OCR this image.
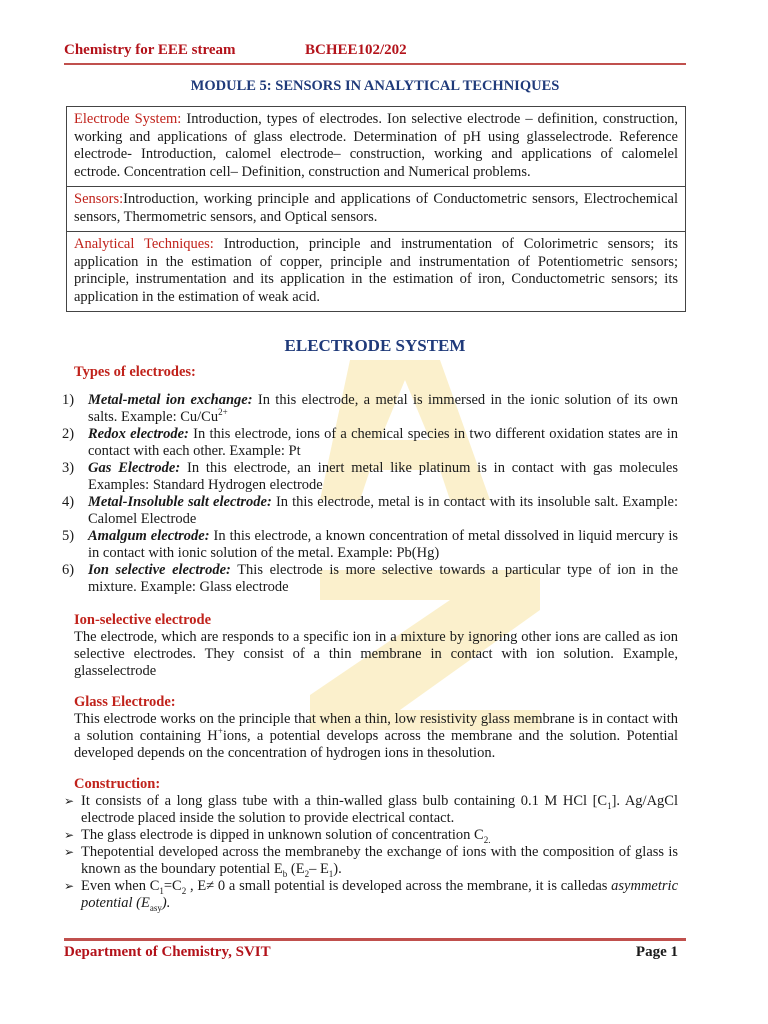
Chemistry for EEE stream	BCHEE102/202
MODULE 5: SENSORS IN ANALYTICAL TECHNIQUES
Electrode System: Introduction, types of electrodes. Ion selective electrode – definition, construction, working and applications of glass electrode. Determination of pH using glasselectrode. Reference electrode- Introduction, calomel electrode– construction, working and applications of calomelel ectrode. Concentration cell– Definition, construction and Numerical problems.
Sensors:Introduction, working principle and applications of Conductometric sensors, Electrochemical sensors, Thermometric sensors, and Optical sensors.
Analytical Techniques: Introduction, principle and instrumentation of Colorimetric sensors; its application in the estimation of copper, principle and instrumentation of Potentiometric sensors; principle, instrumentation and its application in the estimation of iron, Conductometric sensors; its application in the estimation of weak acid.
ELECTRODE SYSTEM

Types of electrodes:

1) Metal-metal ion exchange: In this electrode, a metal is immersed in the ionic solution of its own salts. Example: $Cu/Cu^{2+}$
2) Redox electrode: In this electrode, ions of a chemical species in two different oxidation states are in contact with each other. Example: Pt
3) Gas Electrode: In this electrode, an inert metal like platinum is in contact with gas molecules Examples: Standard Hydrogen electrode
4) Metal-Insoluble salt electrode: In this electrode, metal is in contact with its insoluble salt. Example: Calomel Electrode
5) Amalgum electrode: In this electrode, a known concentration of metal dissolved in liquid mercury is in contact with ionic solution of the metal. Example: Pb(Hg)
6) Ion selective electrode: This electrode is more selective towards a particular type of ion in the mixture. Example: Glass electrode

Ion-selective electrode

The electrode, which are responds to a specific ion in a mixture by ignoring other ions are called as ion selective electrodes. They consist of a thin membrane in contact with ion solution. Example, glasselectrode

Glass Electrode:

This electrode works on the principle that when a thin, low resistivity glass membrane is in contact with a solution containing H+ions, a potential develops across the membrane and the solution. Potential developed depends on the concentration of hydrogen ions in thesolution.

Construction:

➢ It consists of a long glass tube with a thin-walled glass bulb containing 0.1 M HCl $[C_1]$. Ag/AgCl electrode placed inside the solution to provide electrical contact.
➢ The glass electrode is dipped in unknown solution of concentration $C_{2.}$
➢ Thepotential developed across the membraneby the exchange of ions with the composition of glass is known as the boundary potential $E_b$ ($E_2-$ $E_1$).
➢ Even when $C_1=C_2$ , E≠ 0 a small potential is developed across the membrane, it is calledas asymmetric potential $(E_{asy})$.
Department of Chemistry, SVIT	Page 1
